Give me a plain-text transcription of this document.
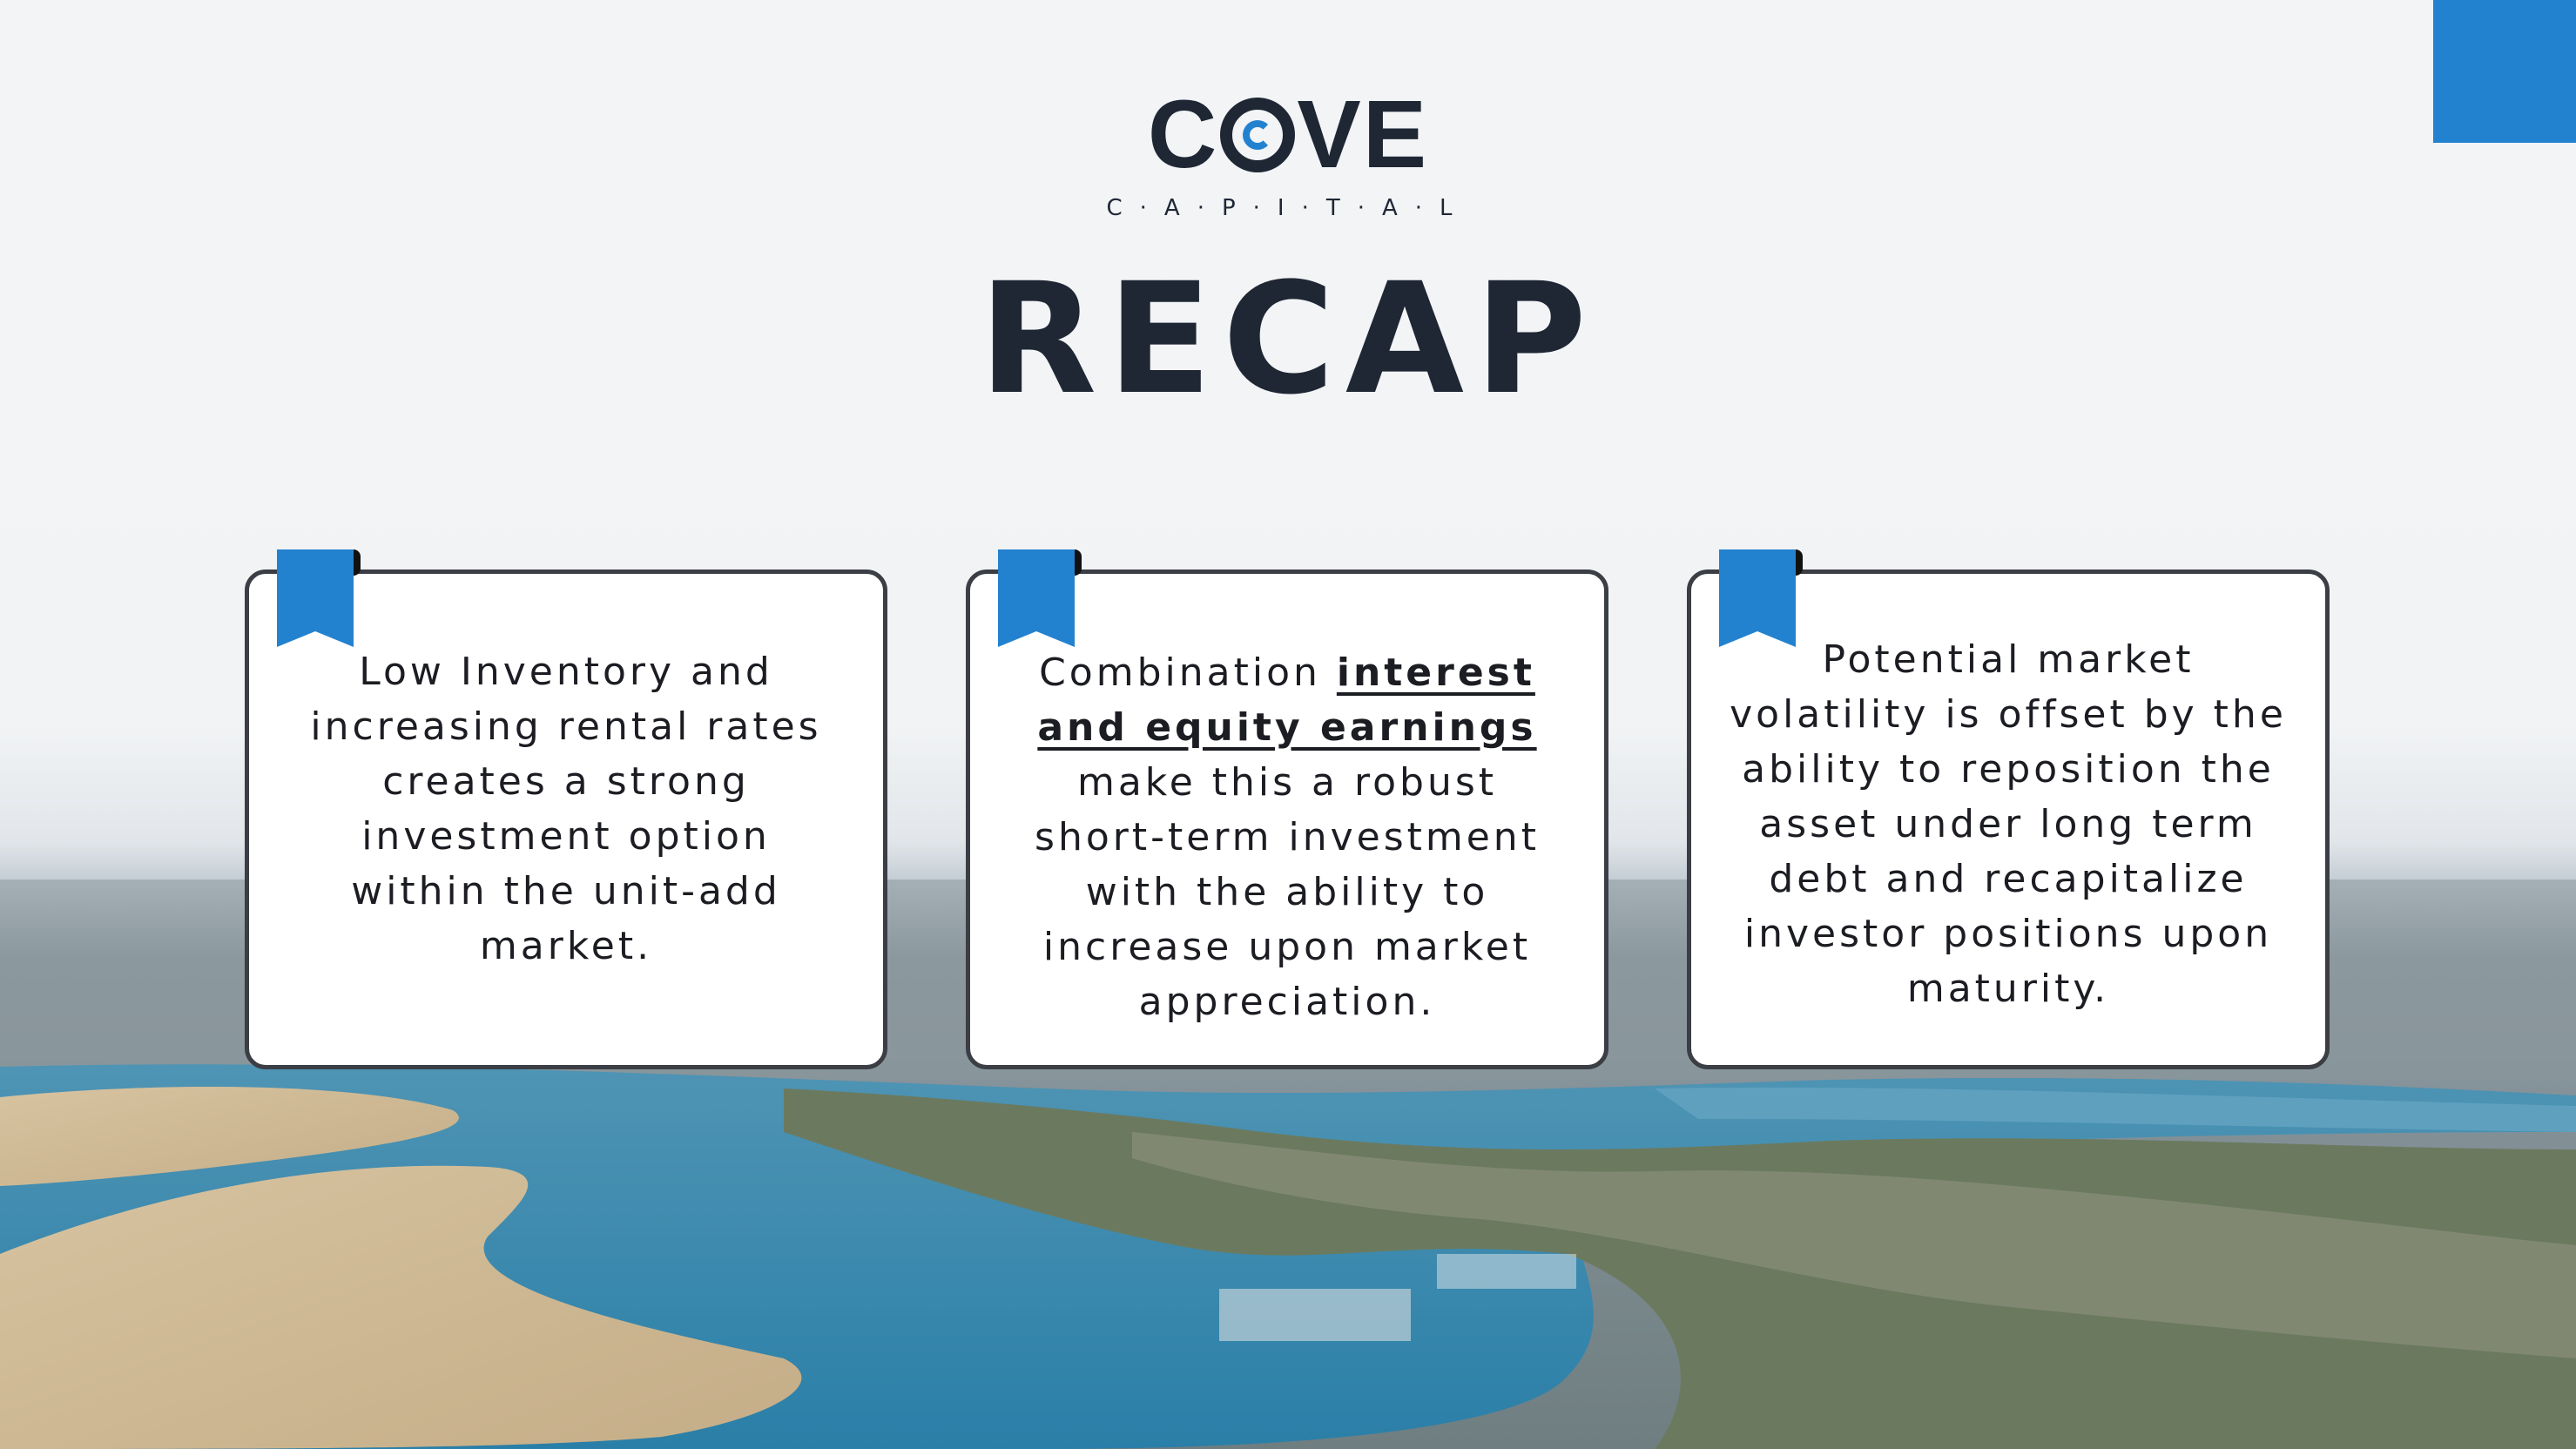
C VE
C·A·P·I·T·A·L
RECAP

Low Inventory and increasing rental rates creates a strong investment option within the unit-add market.

Combination interest and equity earnings make this a robust short-term investment with the ability to increase upon market appreciation.

Potential market volatility is offset by the ability to reposition the asset under long term debt and recapitalize investor positions upon maturity.
